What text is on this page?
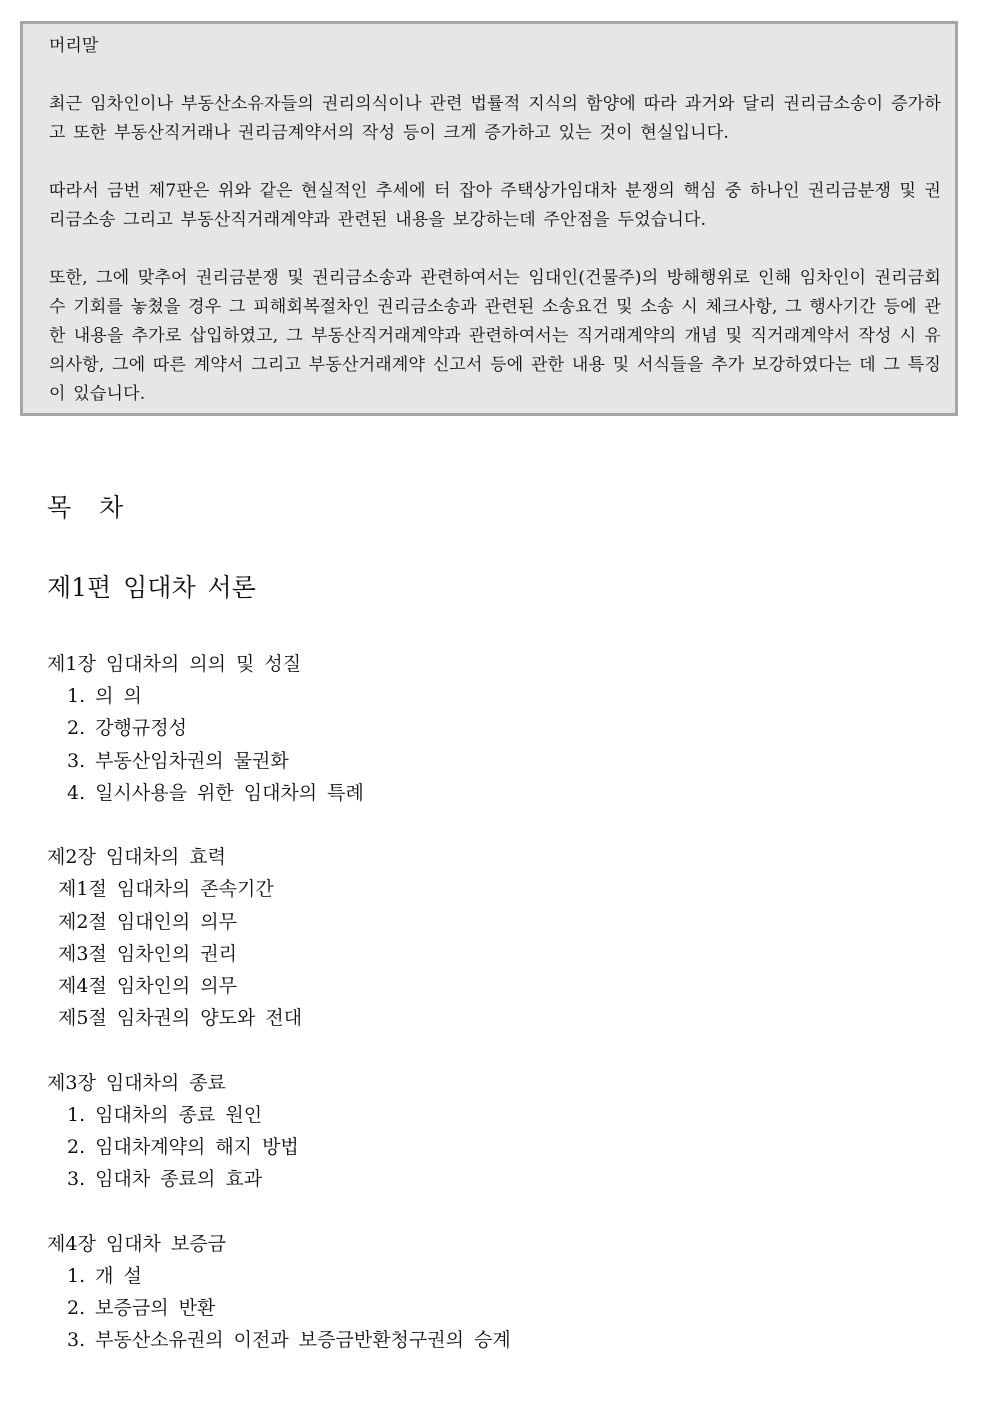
머리말

최근 임차인이나 부동산소유자들의 권리의식이나 관련 법률적 지식의 함양에 따라 과거와 달리 권리금소송이 증가하고 또한 부동산직거래나 권리금계약서의 작성 등이 크게 증가하고 있는 것이 현실입니다.

따라서 금번 제7판은 위와 같은 현실적인 추세에 터 잡아 주택상가임대차 분쟁의 핵심 중 하나인 권리금분쟁 및 권리금소송 그리고 부동산직거래계약과 관련된 내용을 보강하는데 주안점을 두었습니다.

또한, 그에 맞추어 권리금분쟁 및 권리금소송과 관련하여서는 임대인(건물주)의 방해행위로 인해 임차인이 권리금회수 기회를 놓쳤을 경우 그 피해회복절차인 권리금소송과 관련된 소송요건 및 소송 시 체크사항, 그 행사기간 등에 관한 내용을 추가로 삽입하였고, 그 부동산직거래계약과 관련하여서는 직거래계약의 개념 및 직거래계약서 작성 시 유의사항, 그에 따른 계약서 그리고 부동산거래계약 신고서 등에 관한 내용 및 서식들을 추가 보강하였다는 데 그 특징이 있습니다.

목 차
제1편 임대차 서론
제1장 임대차의 의의 및 성질
1. 의 의
2. 강행규정성
3. 부동산임차권의 물권화
4. 일시사용을 위한 임대차의 특례
제2장 임대차의 효력
제1절 임대차의 존속기간
제2절 임대인의 의무
제3절 임차인의 권리
제4절 임차인의 의무
제5절 임차권의 양도와 전대
제3장 임대차의 종료
1. 임대차의 종료 원인
2. 임대차계약의 해지 방법
3. 임대차 종료의 효과
제4장 임대차 보증금
1. 개 설
2. 보증금의 반환
3. 부동산소유권의 이전과 보증금반환청구권의 승계
